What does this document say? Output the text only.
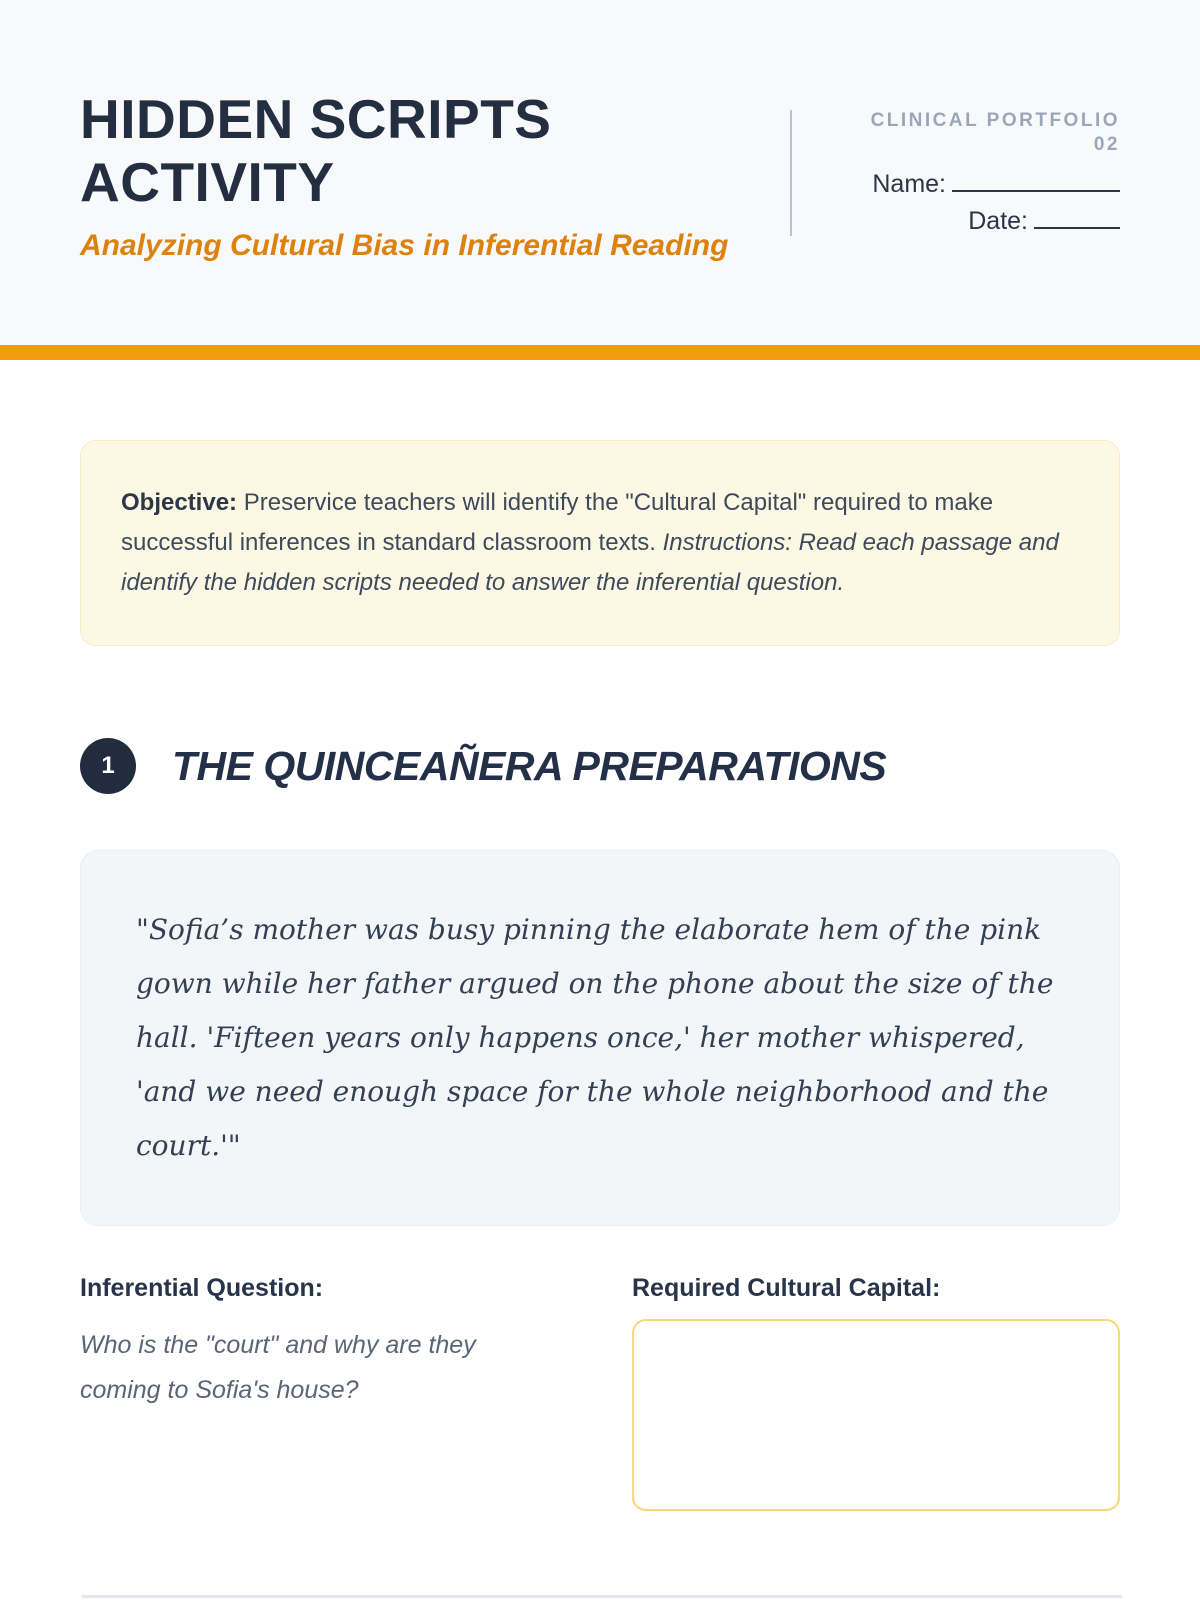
HIDDEN SCRIPTS ACTIVITY
Analyzing Cultural Bias in Inferential Reading
CLINICAL PORTFOLIO
02
Name:
Date:

Objective: Preservice teachers will identify the "Cultural Capital" required to make successful inferences in standard classroom texts. Instructions: Read each passage and identify the hidden scripts needed to answer the inferential question.

1	THE QUINCEAÑERA PREPARATIONS

"Sofia’s mother was busy pinning the elaborate hem of the pink gown while her father argued on the phone about the size of the hall. 'Fifteen years only happens once,' her mother whispered, 'and we need enough space for the whole neighborhood and the court.'"

Inferential Question:

Who is the "court" and why are they coming to Sofia's house?

Required Cultural Capital:
